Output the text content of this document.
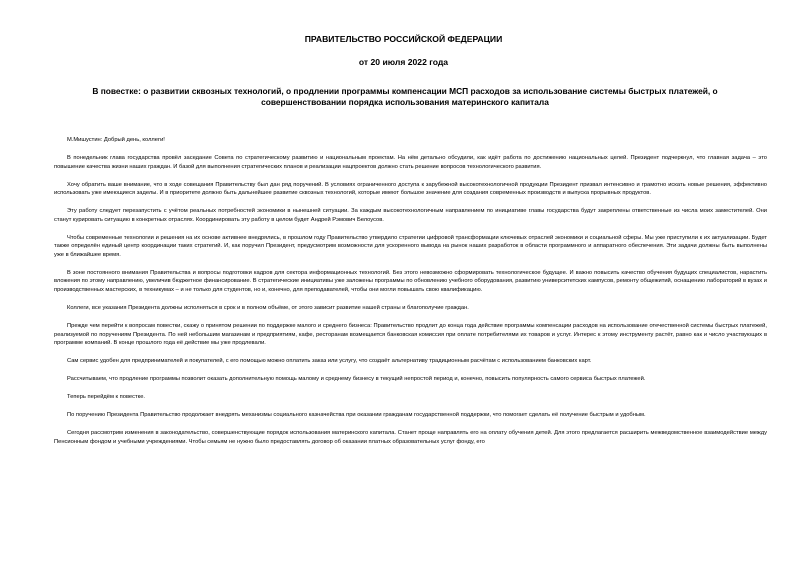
ПРАВИТЕЛЬСТВО РОССИЙСКОЙ ФЕДЕРАЦИИ
от 20 июля 2022 года
В повестке: о развитии сквозных технологий, о продлении программы компенсации МСП расходов за использование системы быстрых платежей, о совершенствовании порядка использования материнского капитала

М.Мишустин: Добрый день, коллеги!

В понедельник глава государства провёл заседание Совета по стратегическому развитию и национальным проектам. На нём детально обсудили, как идёт работа по достижению национальных целей. Президент подчеркнул, что главная задача – это повышение качества жизни наших граждан. И базой для выполнения стратегических планов и реализации нацпроектов должно стать решение вопросов технологического развития.

Хочу обратить ваше внимание, что в ходе совещания Правительству был дан ряд поручений. В условиях ограниченного доступа к зарубежной высокотехнологичной продукции Президент призвал интенсивно и грамотно искать новые решения, эффективно использовать уже имеющиеся заделы. И в приоритете должно быть дальнейшее развитие сквозных технологий, которые имеют большое значение для создания современных производств и выпуска прорывных продуктов.

Эту работу следует перезапустить с учётом реальных потребностей экономики в нынешней ситуации. За каждым высокотехнологичным направлением по инициативе главы государства будут закреплены ответственные из числа моих заместителей. Они станут курировать ситуацию в конкретных отраслях. Координировать эту работу в целом будет Андрей Рэмович Белоусов.

Чтобы современные технологии и решения на их основе активнее внедрялись, в прошлом году Правительство утвердило стратегии цифровой трансформации ключевых отраслей экономики и социальной сферы. Мы уже приступили к их актуализации. Будет также определён единый центр координации таких стратегий. И, как поручил Президент, предусмотрим возможности для ускоренного вывода на рынок наших разработок в области программного и аппаратного обеспечения. Эти задачи должны быть выполнены уже в ближайшее время.

В зоне постоянного внимания Правительства и вопросы подготовки кадров для сектора информационных технологий. Без этого невозможно сформировать технологическое будущее. И важно повысить качество обучения будущих специалистов, нарастить вложения по этому направлению, увеличив бюджетное финансирование. В стратегические инициативы уже заложены программы по обновлению учебного оборудования, развитию университетских кампусов, ремонту общежитий, оснащению лабораторий в вузах и производственных мастерских, в техникумах – и не только для студентов, но и, конечно, для преподавателей, чтобы они могли повышать свою квалификацию.

Коллеги, все указания Президента должны исполняться в срок и в полном объёме, от этого зависит развитие нашей страны и благополучие граждан.

Прежде чем перейти к вопросам повестки, скажу о принятом решении по поддержке малого и среднего бизнеса: Правительство продлит до конца года действие программы компенсации расходов на использование отечественной системы быстрых платежей, реализуемой по поручениям Президента. По ней небольшим магазинам и предприятиям, кафе, ресторанам возмещается банковская комиссия при оплате потребителями их товаров и услуг. Интерес к этому инструменту растёт, равно как и число участвующих в программе компаний. В конце прошлого года её действие мы уже продлевали.

Сам сервис удобен для предпринимателей и покупателей, с его помощью можно оплатить заказ или услугу, что создаёт альтернативу традиционным расчётам с использованием банковских карт.

Рассчитываем, что продление программы позволит оказать дополнительную помощь малому и среднему бизнесу в текущий непростой период и, конечно, повысить популярность самого сервиса быстрых платежей.

Теперь перейдём к повестке.

По поручению Президента Правительство продолжает внедрять механизмы социального казначейства при оказании гражданам государственной поддержки, что помогает сделать её получение быстрым и удобным.

Сегодня рассмотрим изменения в законодательство, совершенствующие порядок использования материнского капитала. Станет проще направлять его на оплату обучения детей. Для этого предлагается расширить межведомственное взаимодействие между Пенсионным фондом и учебными учреждениями. Чтобы семьям не нужно было предоставлять договор об оказании платных образовательных услуг фонду, его
